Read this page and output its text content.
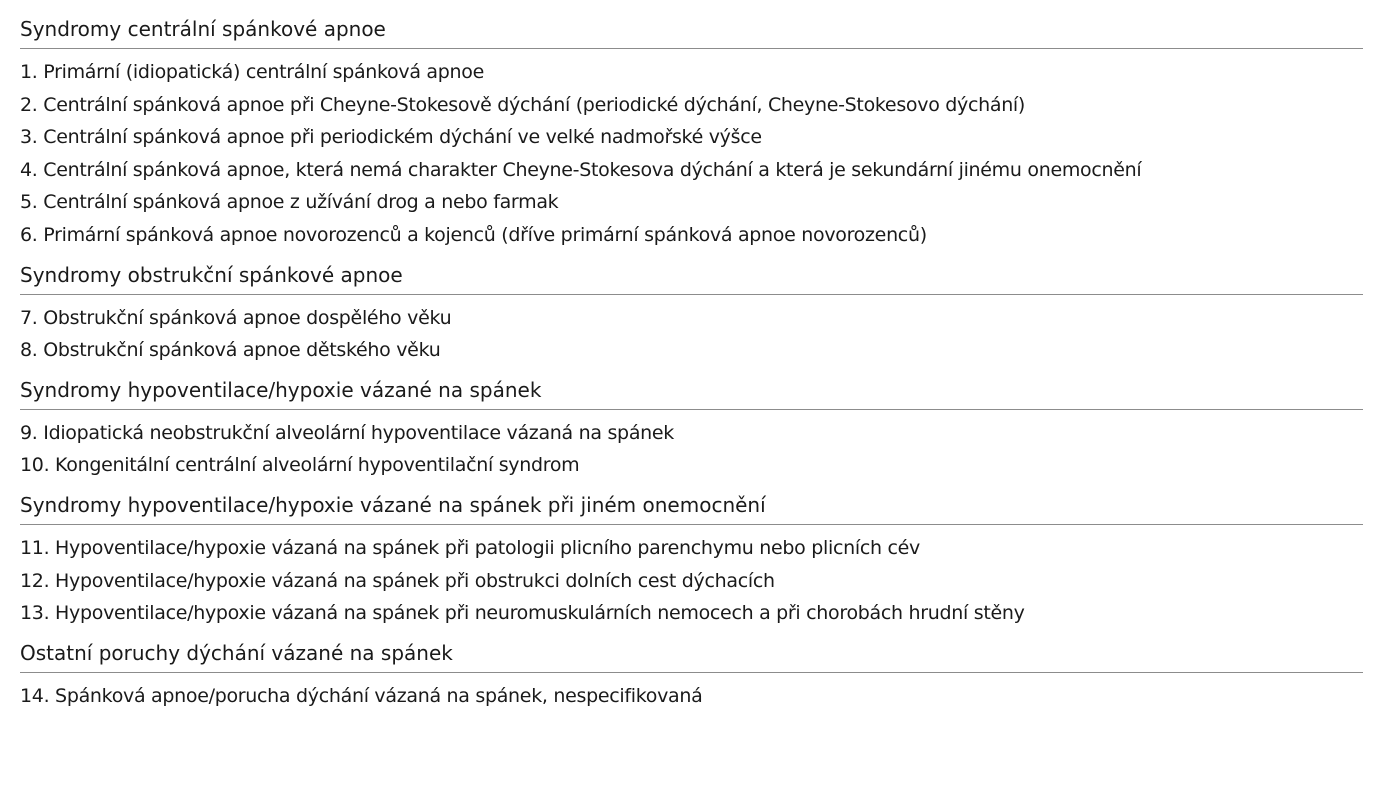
Syndromy centrální spánkové apnoe
1. Primární (idiopatická) centrální spánková apnoe
2. Centrální spánková apnoe při Cheyne-Stokesově dýchání (periodické dýchání, Cheyne-Stokesovo dýchání)
3. Centrální spánková apnoe při periodickém dýchání ve velké nadmořské výšce
4. Centrální spánková apnoe, která nemá charakter Cheyne-Stokesova dýchání a která je sekundární jinému onemocnění
5. Centrální spánková apnoe z užívání drog a nebo farmak
6. Primární spánková apnoe novorozenců a kojenců (dříve primární spánková apnoe novorozenců)
Syndromy obstrukční spánkové apnoe
7. Obstrukční spánková apnoe dospělého věku
8. Obstrukční spánková apnoe dětského věku
Syndromy hypoventilace/hypoxie vázané na spánek
9. Idiopatická neobstrukční alveolární hypoventilace vázaná na spánek
10. Kongenitální centrální alveolární hypoventilační syndrom
Syndromy hypoventilace/hypoxie vázané na spánek při jiném onemocnění
11. Hypoventilace/hypoxie vázaná na spánek při patologii plicního parenchymu nebo plicních cév
12. Hypoventilace/hypoxie vázaná na spánek při obstrukci dolních cest dýchacích
13. Hypoventilace/hypoxie vázaná na spánek při neuromuskulárních nemocech a při chorobách hrudní stěny
Ostatní poruchy dýchání vázané na spánek
14. Spánková apnoe/porucha dýchání vázaná na spánek, nespecifikovaná
